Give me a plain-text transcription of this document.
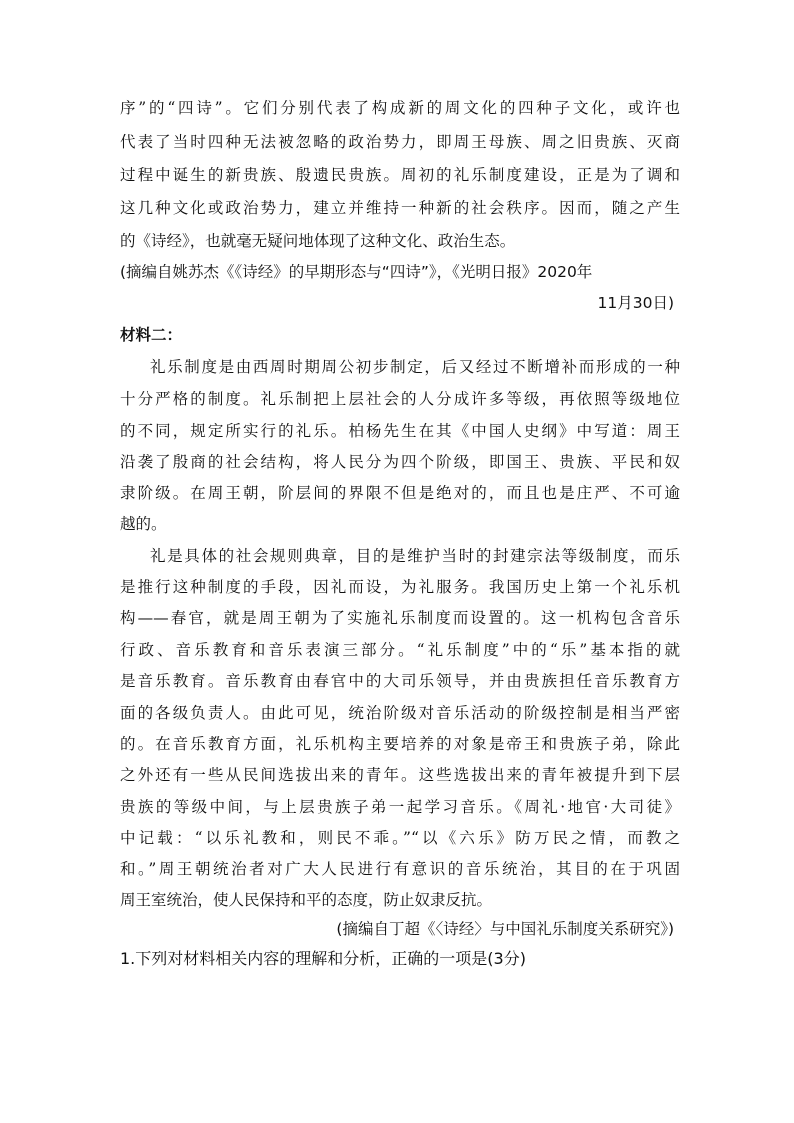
序”的“四诗”。它们分别代表了构成新的周文化的四种子文化，或许也
代表了当时四种无法被忽略的政治势力，即周王母族、周之旧贵族、灭商
过程中诞生的新贵族、殷遗民贵族。周初的礼乐制度建设，正是为了调和
这几种文化或政治势力，建立并维持一种新的社会秩序。因而，随之产生
的《诗经》，也就毫无疑问地体现了这种文化、政治生态。
(摘编自姚苏杰《《诗经》的早期形态与“四诗”》，《光明日报》2020年
11月30日)
材料二：
礼乐制度是由西周时期周公初步制定，后又经过不断增补而形成的一种
十分严格的制度。礼乐制把上层社会的人分成许多等级，再依照等级地位
的不同，规定所实行的礼乐。柏杨先生在其《中国人史纲》中写道：周王
沿袭了殷商的社会结构，将人民分为四个阶级，即国王、贵族、平民和奴
隶阶级。在周王朝，阶层间的界限不但是绝对的，而且也是庄严、不可逾
越的。
礼是具体的社会规则典章，目的是维护当时的封建宗法等级制度，而乐
是推行这种制度的手段，因礼而设，为礼服务。我国历史上第一个礼乐机
构——春官，就是周王朝为了实施礼乐制度而设置的。这一机构包含音乐
行政、音乐教育和音乐表演三部分。“礼乐制度”中的“乐”基本指的就
是音乐教育。音乐教育由春官中的大司乐领导，并由贵族担任音乐教育方
面的各级负责人。由此可见，统治阶级对音乐活动的阶级控制是相当严密
的。在音乐教育方面，礼乐机构主要培养的对象是帝王和贵族子弟，除此
之外还有一些从民间选拔出来的青年。这些选拔出来的青年被提升到下层
贵族的等级中间，与上层贵族子弟一起学习音乐。《周礼·地官·大司徒》
中记载：“以乐礼教和，则民不乖。”“以《六乐》防万民之情，而教之
和。”周王朝统治者对广大人民进行有意识的音乐统治，其目的在于巩固
周王室统治，使人民保持和平的态度，防止奴隶反抗。
(摘编自丁超《〈诗经〉与中国礼乐制度关系研究》)
1.下列对材料相关内容的理解和分析，正确的一项是(3分)
